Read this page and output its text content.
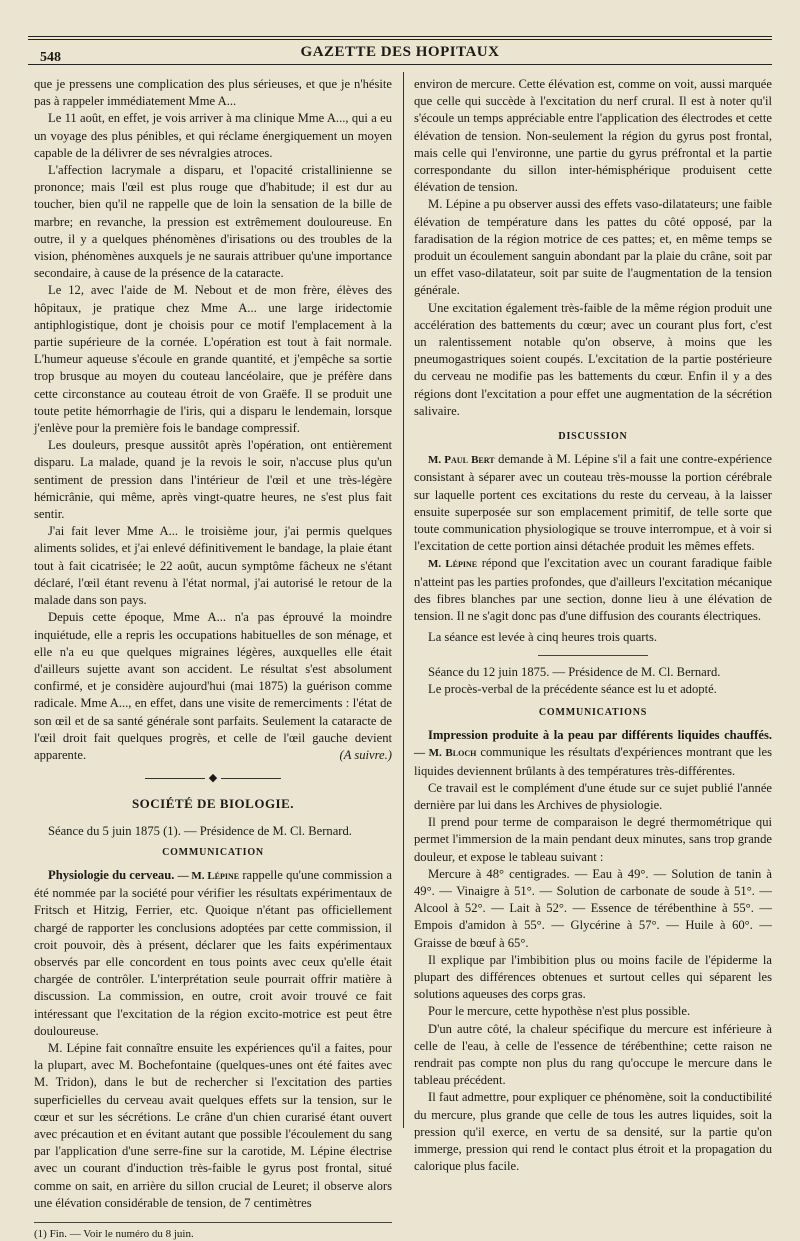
548	GAZETTE DES HOPITAUX

que je pressens une complication des plus sérieuses, et que je n'hésite pas à rappeler immédiatement Mme A...

Le 11 août, en effet, je vois arriver à ma clinique Mme A..., qui a eu un voyage des plus pénibles, et qui réclame énergiquement un moyen capable de la délivrer de ses névralgies atroces.

L'affection lacrymale a disparu, et l'opacité cristallinienne se prononce; mais l'œil est plus rouge que d'habitude; il est dur au toucher, bien qu'il ne rappelle que de loin la sensation de la bille de marbre; en revanche, la pression est extrêmement douloureuse. En outre, il y a quelques phénomènes d'irisations ou des troubles de la vision, phénomènes auxquels je ne saurais attribuer qu'une importance secondaire, à cause de la présence de la cataracte.

Le 12, avec l'aide de M. Nebout et de mon frère, élèves des hôpitaux, je pratique chez Mme A... une large iridectomie antiphlogistique, dont je choisis pour ce motif l'emplacement à la partie supérieure de la cornée. L'opération est tout à fait normale. L'humeur aqueuse s'écoule en grande quantité, et j'empêche sa sortie trop brusque au moyen du couteau lancéolaire, que je préfère dans cette circonstance au couteau étroit de von Graëfe. Il se produit une toute petite hémorrhagie de l'iris, qui a disparu le lendemain, lorsque j'enlève pour la première fois le bandage compressif.

Les douleurs, presque aussitôt après l'opération, ont entièrement disparu. La malade, quand je la revois le soir, n'accuse plus qu'un sentiment de pression dans l'intérieur de l'œil et une très-légère hémicrânie, qui même, après vingt-quatre heures, ne s'est plus fait sentir.

J'ai fait lever Mme A... le troisième jour, j'ai permis quelques aliments solides, et j'ai enlevé définitivement le bandage, la plaie étant tout à fait cicatrisée; le 22 août, aucun symptôme fâcheux ne s'étant déclaré, l'œil étant revenu à l'état normal, j'ai autorisé le retour de la malade dans son pays.

Depuis cette époque, Mme A... n'a pas éprouvé la moindre inquiétude, elle a repris les occupations habituelles de son ménage, et elle n'a eu que quelques migraines légères, auxquelles elle était d'ailleurs sujette avant son accident. Le résultat s'est absolument confirmé, et je considère aujourd'hui (mai 1875) la guérison comme radicale. Mme A..., en effet, dans une visite de remerciments : l'état de son œil et de sa santé générale sont parfaits. Seulement la cataracte de l'œil droit fait quelques progrès, et celle de l'œil gauche devient apparente.	(A suivre.)

◆
SOCIÉTÉ DE BIOLOGIE.

Séance du 5 juin 1875 (1). — Présidence de M. Cl. Bernard.

COMMUNICATION

Physiologie du cerveau. — M. Lépine rappelle qu'une commission a été nommée par la société pour vérifier les résultats expérimentaux de Fritsch et Hitzig, Ferrier, etc. Quoique n'étant pas officiellement chargé de rapporter les conclusions adoptées par cette commission, il croit pouvoir, dès à présent, déclarer que les faits expérimentaux observés par elle concordent en tous points avec ceux qu'elle était chargée de contrôler. L'interprétation seule pourrait offrir matière à discussion. La commission, en outre, croit avoir trouvé ce fait intéressant que l'excitation de la région excito-motrice est peut être douloureuse.

M. Lépine fait connaître ensuite les expériences qu'il a faites, pour la plupart, avec M. Bochefontaine (quelques-unes ont été faites avec M. Tridon), dans le but de rechercher si l'excitation des parties superficielles du cerveau avait quelques effets sur la tension, sur le cœur et sur les sécrétions. Le crâne d'un chien curarisé étant ouvert avec précaution et en évitant autant que possible l'écoulement du sang par l'application d'une serre-fine sur la carotide, M. Lépine électrise avec un courant d'induction très-faible le gyrus post frontal, situé comme on sait, en arrière du sillon crucial de Leuret; il observe alors une élévation considérable de tension, de 7 centimètres

(1) Fin. — Voir le numéro du 8 juin.

environ de mercure. Cette élévation est, comme on voit, aussi marquée que celle qui succède à l'excitation du nerf crural. Il est à noter qu'il s'écoule un temps appréciable entre l'application des électrodes et cette élévation de tension. Non-seulement la région du gyrus post frontal, mais celle qui l'environne, une partie du gyrus préfrontal et la partie correspondante du sillon inter-hémisphérique produisent cette élévation de tension.

M. Lépine a pu observer aussi des effets vaso-dilatateurs; une faible élévation de température dans les pattes du côté opposé, par la faradisation de la région motrice de ces pattes; et, en même temps se produit un écoulement sanguin abondant par la plaie du crâne, soit par un effet vaso-dilatateur, soit par suite de l'augmentation de la tension générale.

Une excitation également très-faible de la même région produit une accélération des battements du cœur; avec un courant plus fort, c'est un ralentissement notable qu'on observe, à moins que les pneumogastriques soient coupés. L'excitation de la partie postérieure du cerveau ne modifie pas les battements du cœur. Enfin il y a des régions dont l'excitation a pour effet une augmentation de la sécrétion salivaire.

DISCUSSION

M. Paul Bert demande à M. Lépine s'il a fait une contre-expérience consistant à séparer avec un couteau très-mousse la portion cérébrale sur laquelle portent ces excitations du reste du cerveau, à la laisser ensuite superposée sur son emplacement primitif, de telle sorte que toute communication physiologique se trouve interrompue, et à voir si l'excitation de cette portion ainsi détachée produit les mêmes effets.

M. Lépine répond que l'excitation avec un courant faradique faible n'atteint pas les parties profondes, que d'ailleurs l'excitation mécanique des fibres blanches par une section, donne lieu à une élévation de tension. Il ne s'agit donc pas d'une diffusion des courants électriques.

La séance est levée à cinq heures trois quarts.

Séance du 12 juin 1875. — Présidence de M. Cl. Bernard.

Le procès-verbal de la précédente séance est lu et adopté.

COMMUNICATIONS

Impression produite à la peau par différents liquides chauffés. — M. Bloch communique les résultats d'expériences montrant que les liquides deviennent brûlants à des températures très-différentes.

Ce travail est le complément d'une étude sur ce sujet publié l'année dernière par lui dans les Archives de physiologie.

Il prend pour terme de comparaison le degré thermométrique qui permet l'immersion de la main pendant deux minutes, sans trop grande douleur, et expose le tableau suivant :

Mercure à 48° centigrades. — Eau à 49°. — Solution de tanin à 49°. — Vinaigre à 51°. — Solution de carbonate de soude à 51°. — Alcool à 52°. — Lait à 52°. — Essence de térébenthine à 55°. — Empois d'amidon à 55°. — Glycérine à 57°. — Huile à 60°. — Graisse de bœuf à 65°.

Il explique par l'imbibition plus ou moins facile de l'épiderme la plupart des différences obtenues et surtout celles qui séparent les solutions aqueuses des corps gras.

Pour le mercure, cette hypothèse n'est plus possible.

D'un autre côté, la chaleur spécifique du mercure est inférieure à celle de l'eau, à celle de l'essence de térébenthine; cette raison ne rendrait pas compte non plus du rang qu'occupe le mercure dans le tableau précédent.

Il faut admettre, pour expliquer ce phénomène, soit la conductibilité du mercure, plus grande que celle de tous les autres liquides, soit la pression qu'il exerce, en vertu de sa densité, sur la partie qu'on immerge, pression qui rend le contact plus étroit et la propagation du calorique plus facile.
